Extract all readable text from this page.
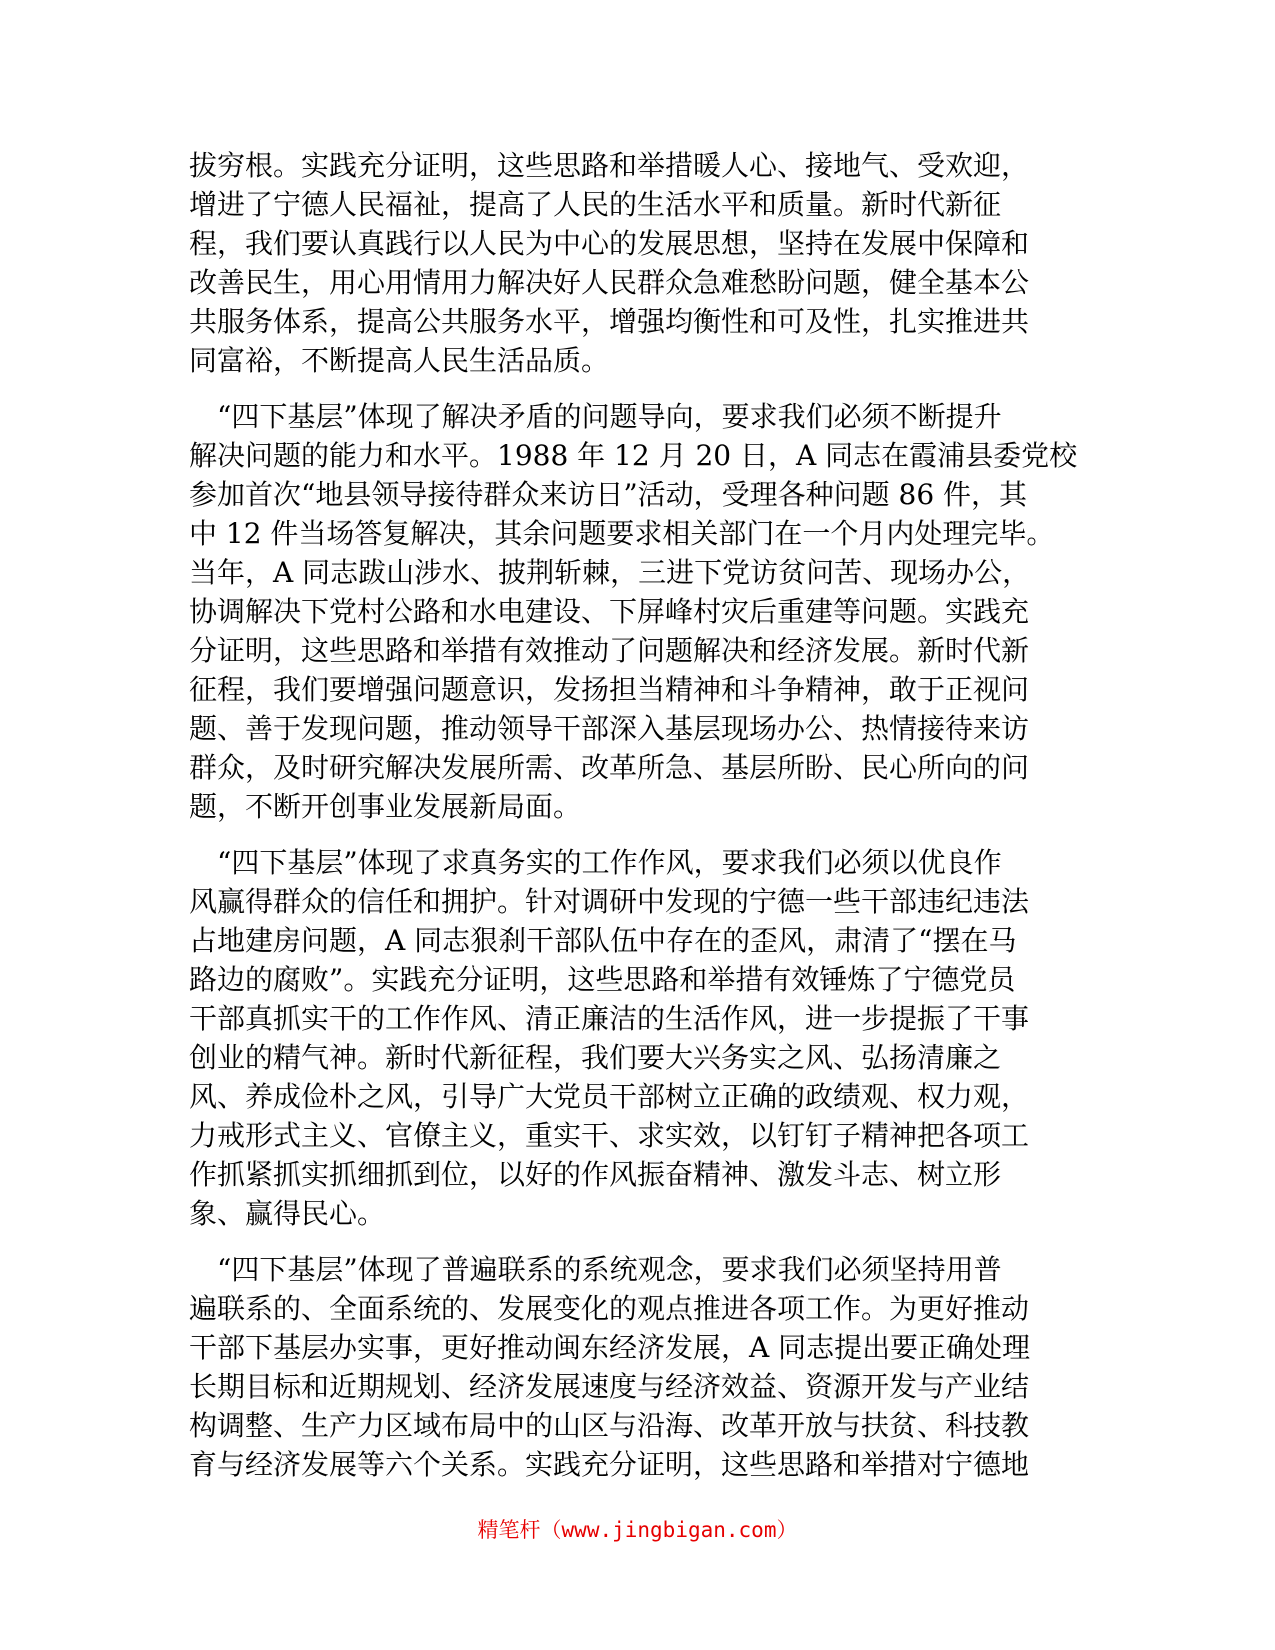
拔穷根。实践充分证明，这些思路和举措暖人心、接地气、受欢迎，

增进了宁德人民福祉，提高了人民的生活水平和质量。新时代新征

程，我们要认真践行以人民为中心的发展思想，坚持在发展中保障和

改善民生，用心用情用力解决好人民群众急难愁盼问题，健全基本公

共服务体系，提高公共服务水平，增强均衡性和可及性，扎实推进共

同富裕，不断提高人民生活品质。

　“四下基层”体现了解决矛盾的问题导向，要求我们必须不断提升

解决问题的能力和水平。1988 年 12 月 20 日，A 同志在霞浦县委党校

参加首次“地县领导接待群众来访日”活动，受理各种问题 86 件，其

中 12 件当场答复解决，其余问题要求相关部门在一个月内处理完毕。

当年，A 同志跋山涉水、披荆斩棘，三进下党访贫问苦、现场办公，

协调解决下党村公路和水电建设、下屏峰村灾后重建等问题。实践充

分证明，这些思路和举措有效推动了问题解决和经济发展。新时代新

征程，我们要增强问题意识，发扬担当精神和斗争精神，敢于正视问

题、善于发现问题，推动领导干部深入基层现场办公、热情接待来访

群众，及时研究解决发展所需、改革所急、基层所盼、民心所向的问

题，不断开创事业发展新局面。

　“四下基层”体现了求真务实的工作作风，要求我们必须以优良作

风赢得群众的信任和拥护。针对调研中发现的宁德一些干部违纪违法

占地建房问题，A 同志狠刹干部队伍中存在的歪风，肃清了“摆在马

路边的腐败”。实践充分证明，这些思路和举措有效锤炼了宁德党员

干部真抓实干的工作作风、清正廉洁的生活作风，进一步提振了干事

创业的精气神。新时代新征程，我们要大兴务实之风、弘扬清廉之

风、养成俭朴之风，引导广大党员干部树立正确的政绩观、权力观，

力戒形式主义、官僚主义，重实干、求实效，以钉钉子精神把各项工

作抓紧抓实抓细抓到位，以好的作风振奋精神、激发斗志、树立形

象、赢得民心。

　“四下基层”体现了普遍联系的系统观念，要求我们必须坚持用普

遍联系的、全面系统的、发展变化的观点推进各项工作。为更好推动

干部下基层办实事，更好推动闽东经济发展，A 同志提出要正确处理

长期目标和近期规划、经济发展速度与经济效益、资源开发与产业结

构调整、生产力区域布局中的山区与沿海、改革开放与扶贫、科技教

育与经济发展等六个关系。实践充分证明，这些思路和举措对宁德地

精笔杆（www.jingbigan.com）
